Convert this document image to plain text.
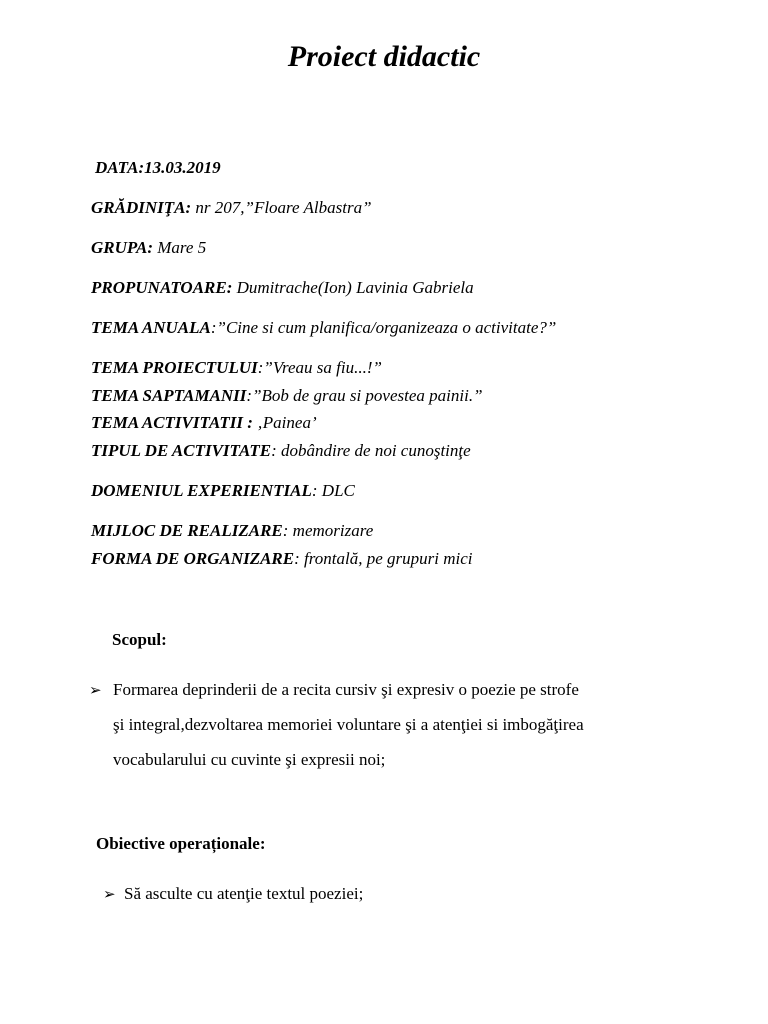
Proiect didactic
DATA:13.03.2019
GRĂDINIŢA: nr 207,”Floare Albastra”
GRUPA: Mare 5
PROPUNATOARE: Dumitrache(Ion) Lavinia Gabriela
TEMA ANUALA:”Cine si cum planifica/organizeaza o activitate?”
TEMA PROIECTULUI:”Vreau sa fiu...!”
TEMA SAPTAMANII:”Bob de grau si povestea painii.”
TEMA ACTIVITATII : ‚Painea’
TIPUL DE ACTIVITATE: dobândire de noi cunoştinţe
DOMENIUL EXPERIENTIAL: DLC
MIJLOC DE REALIZARE: memorizare
FORMA DE ORGANIZARE: frontală, pe grupuri mici
Scopul:
➢ Formarea deprinderii de a recita cursiv şi expresiv o poezie pe strofe
şi integral,dezvoltarea memoriei voluntare şi a atenţiei si imbogăţirea
vocabularului cu cuvinte şi expresii noi;
Obiective operaționale:
➢ Să asculte cu atenţie textul poeziei;
